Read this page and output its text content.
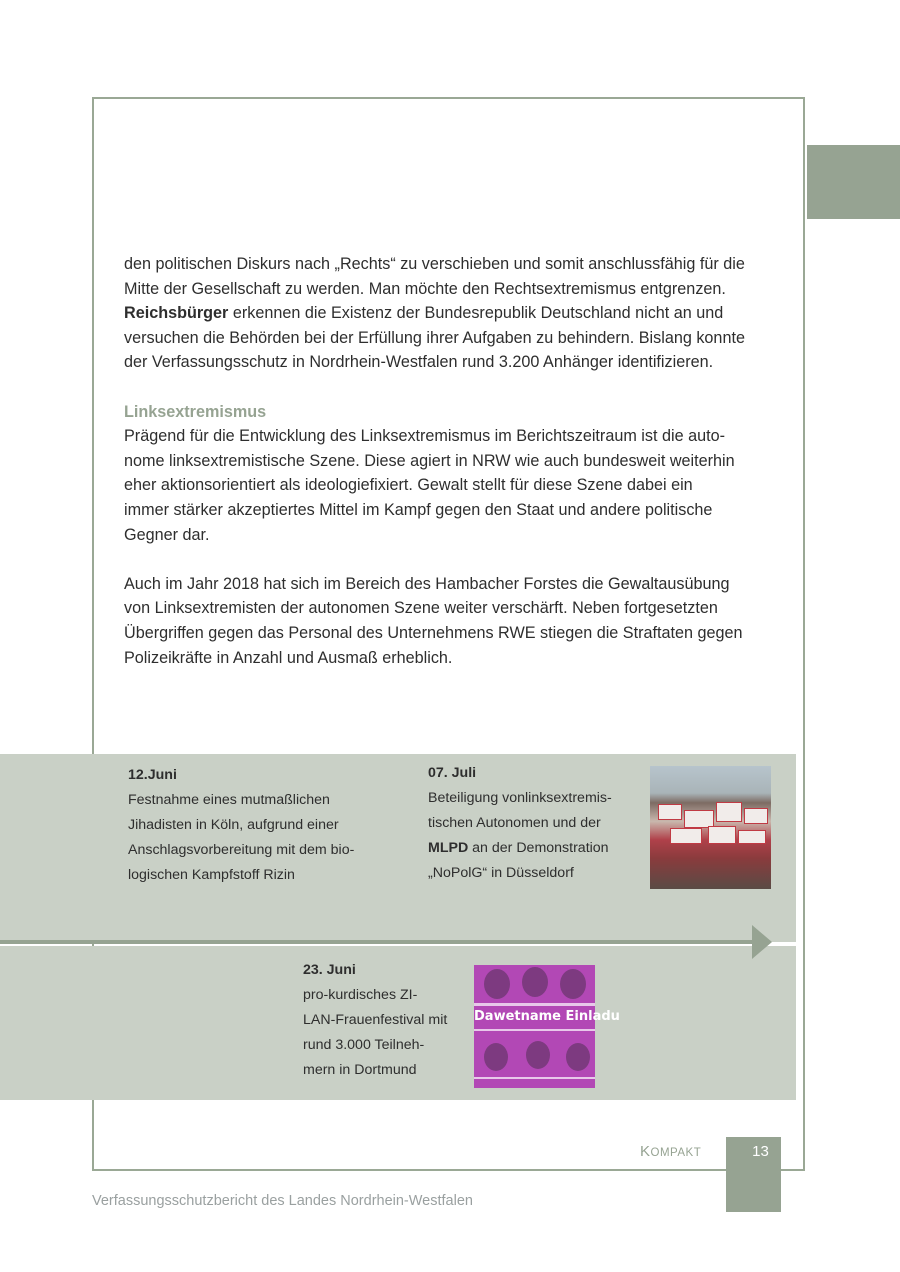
den politischen Diskurs nach „Rechts“ zu verschieben und somit anschlussfähig für die

Mitte der Gesellschaft zu werden. Man möchte den Rechtsextremismus entgrenzen.

Reichsbürger erkennen die Existenz der Bundesrepublik Deutschland nicht an und

versuchen die Behörden bei der Erfüllung ihrer Aufgaben zu behindern. Bislang konnte

der Verfassungsschutz in Nordrhein-Westfalen rund 3.200 Anhänger identifizieren.

Linksextremismus

Prägend für die Entwicklung des Linksextremismus im Berichtszeitraum ist die auto-

nome linksextremistische Szene. Diese agiert in NRW wie auch bundesweit weiterhin

eher aktionsorientiert als ideologiefixiert. Gewalt stellt für diese Szene dabei ein

immer stärker akzeptiertes Mittel im Kampf gegen den Staat und andere politische

Gegner dar.

Auch im Jahr 2018 hat sich im Bereich des Hambacher Forstes die Gewaltausübung

von Linksextremisten der autonomen Szene weiter verschärft. Neben fortgesetzten

Übergriffen gegen das Personal des Unternehmens RWE stiegen die Straftaten gegen

Polizeikräfte in Anzahl und Ausmaß erheblich.

12.Juni

Festnahme eines mutmaßlichen

Jihadisten in Köln, aufgrund einer

Anschlagsvorbereitung mit dem bio-

logischen Kampfstoff Rizin

07. Juli

Beteiligung vonlinksextremis-

tischen Autonomen und der

MLPD an der Demonstration

„NoPolG“ in Düsseldorf

23. Juni

pro-kurdisches ZI-

LAN-Frauenfestival mit

rund 3.000 Teilneh-

mern in Dortmund

Dawetname Einladu
KOMPAKT	13
Verfassungsschutzbericht des Landes Nordrhein-Westfalen
